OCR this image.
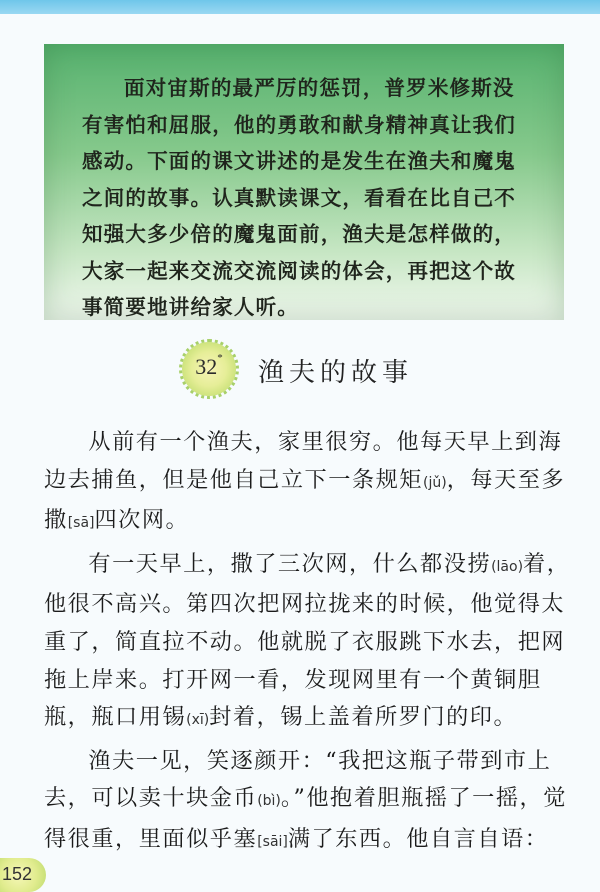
面对宙斯的最严厉的惩罚，普罗米修斯没有害怕和屈服，他的勇敢和献身精神真让我们感动。下面的课文讲述的是发生在渔夫和魔鬼之间的故事。认真默读课文，看看在比自己不知强大多少倍的魔鬼面前，渔夫是怎样做的，大家一起来交流交流阅读的体会，再把这个故事简要地讲给家人听。

32*	渔夫的故事

从前有一个渔夫，家里很穷。他每天早上到海边去捕鱼，但是他自己立下一条规矩(jǔ)，每天至多撒[sā]四次网。

有一天早上，撒了三次网，什么都没捞(lāo)着，他很不高兴。第四次把网拉拢来的时候，他觉得太重了，简直拉不动。他就脱了衣服跳下水去，把网拖上岸来。打开网一看，发现网里有一个黄铜胆瓶，瓶口用锡(xī)封着，锡上盖着所罗门的印。

渔夫一见，笑逐颜开：“我把这瓶子带到市上去，可以卖十块金币(bì)。”他抱着胆瓶摇了一摇，觉得很重，里面似乎塞[sāi]满了东西。他自言自语：

152
